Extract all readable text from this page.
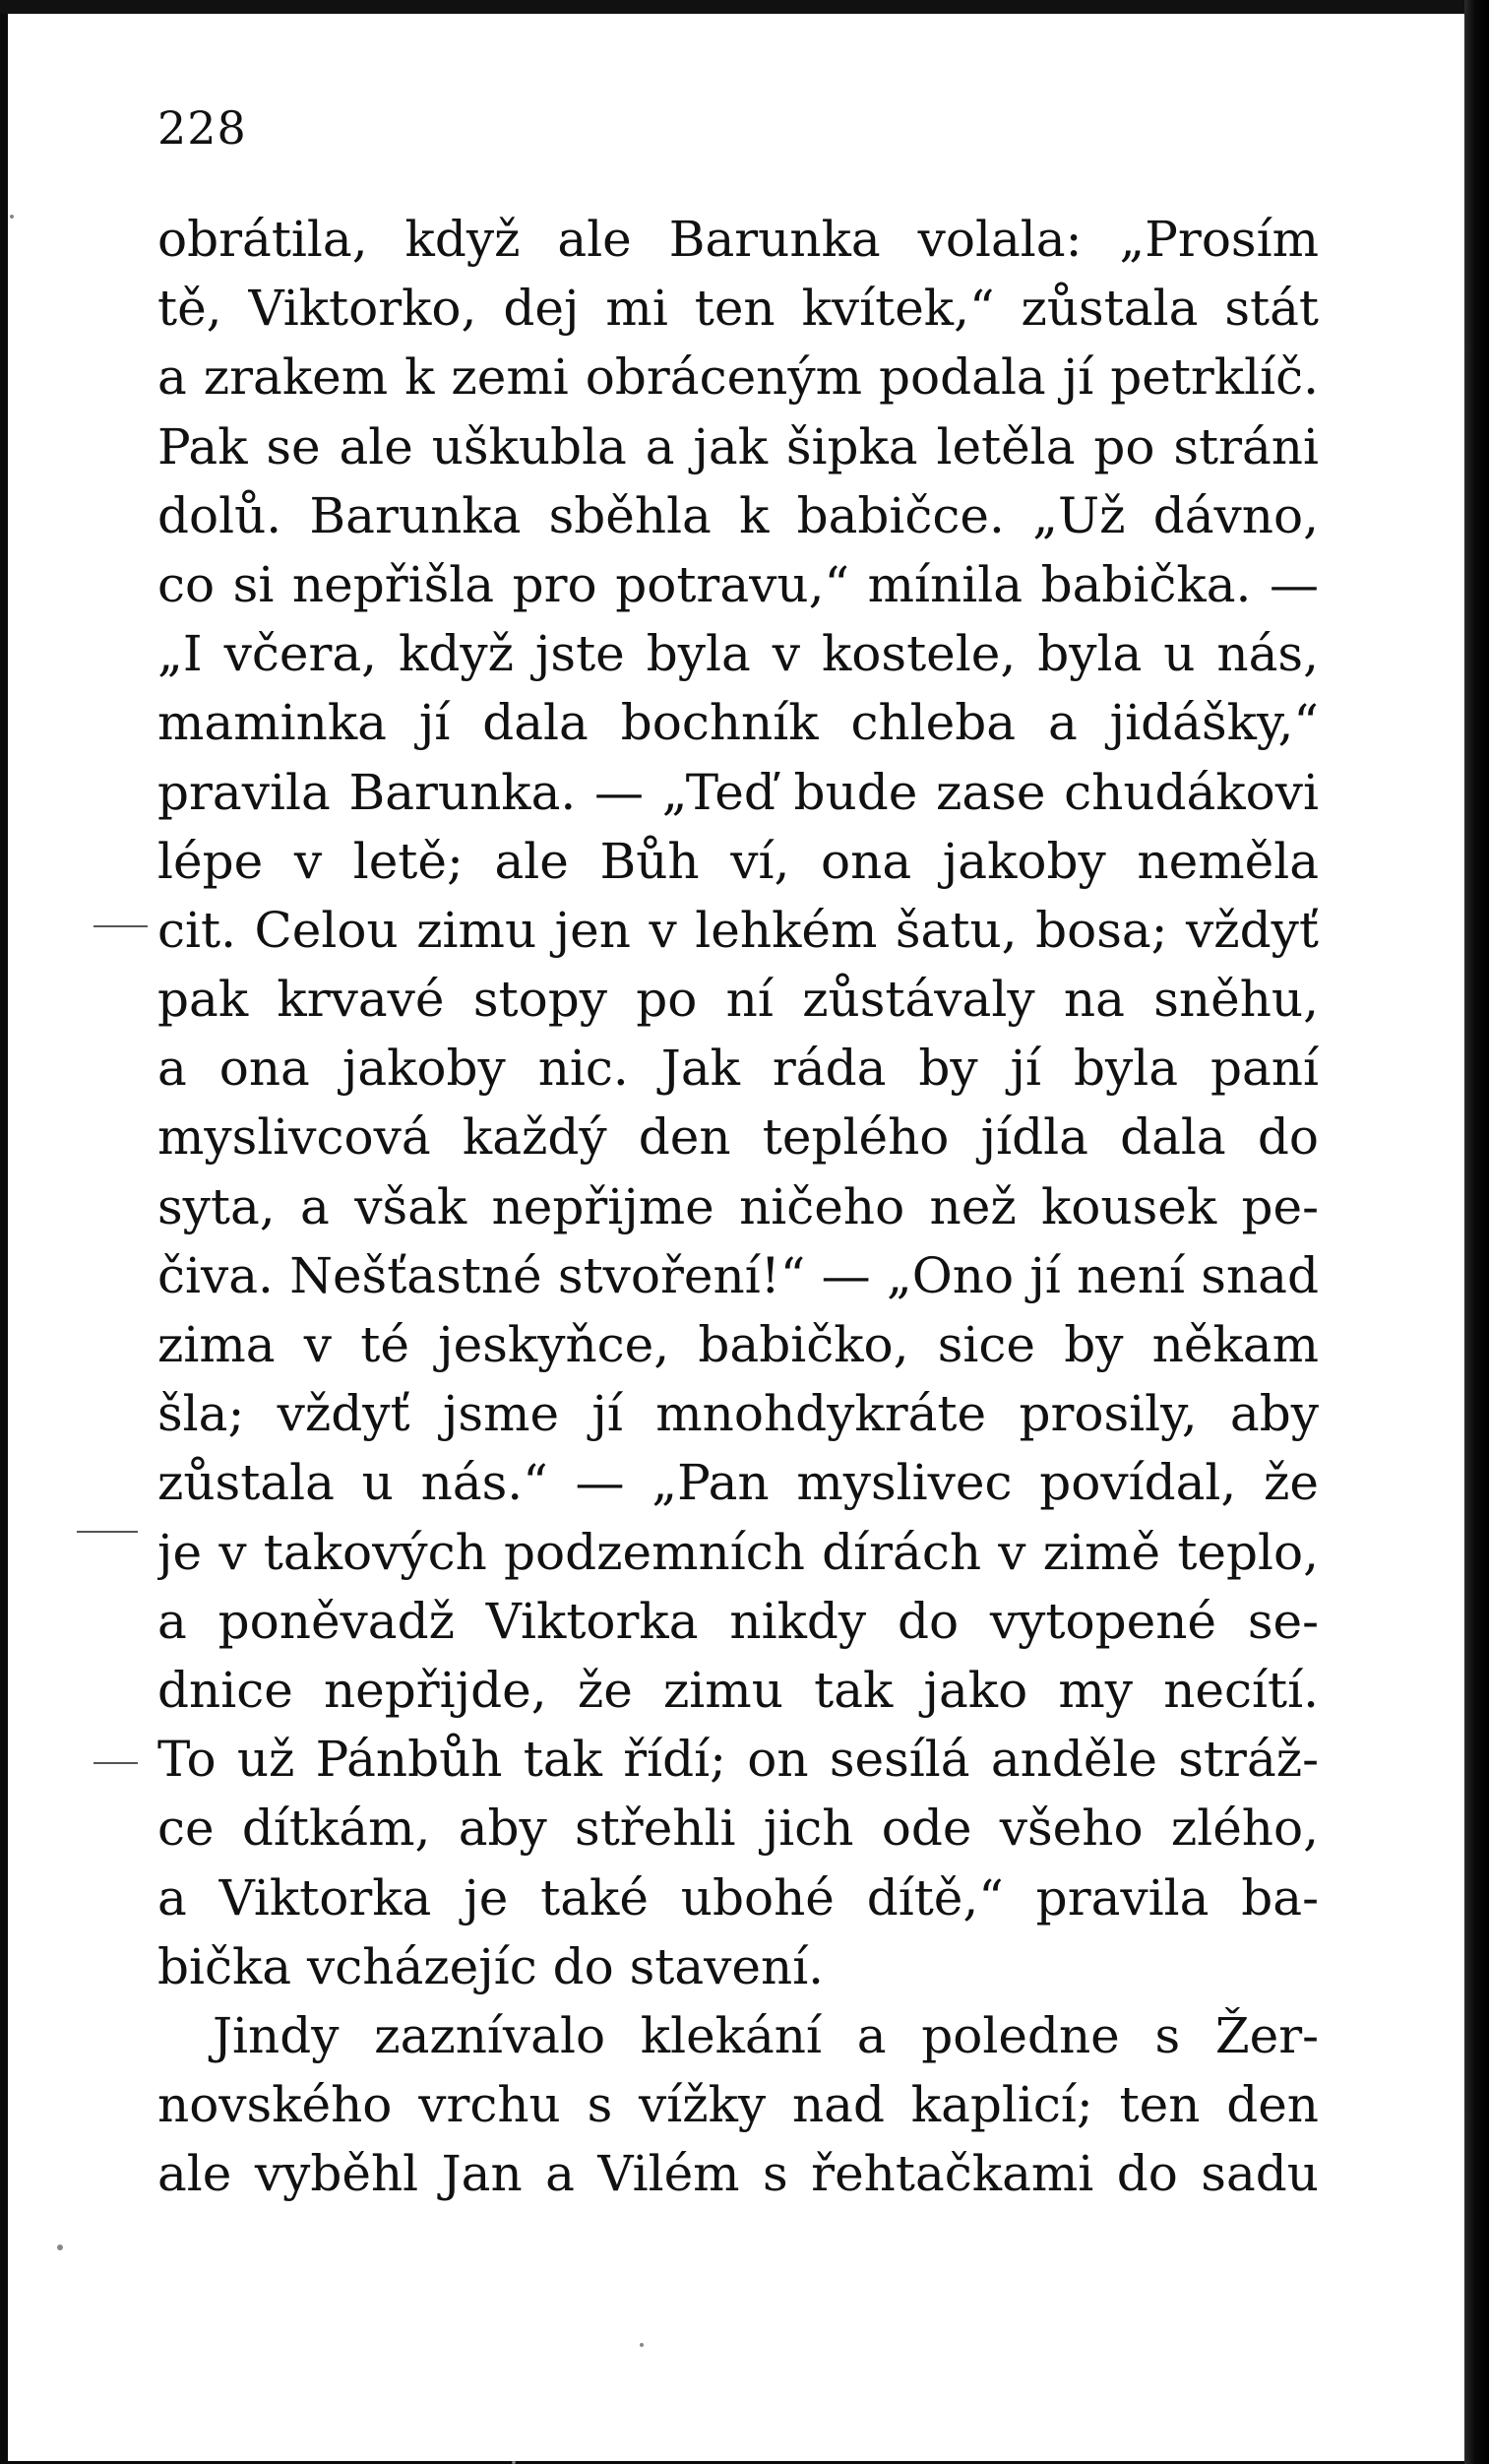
228
obrátila, když ale Barunka volala: „Prosím
tě, Viktorko, dej mi ten kvítek,“ zůstala stát
a zrakem k zemi obráceným podala jí petrklíč.
Pak se ale uškubla a jak šipka letěla po stráni
dolů. Barunka sběhla k babičce. „Už dávno,
co si nepřišla pro potravu,“ mínila babička. —
„I včera, když jste byla v kostele, byla u nás,
maminka jí dala bochník chleba a jidášky,“
pravila Barunka. — „Teď bude zase chudákovi
lépe v letě; ale Bůh ví, ona jakoby neměla
cit. Celou zimu jen v lehkém šatu, bosa; vždyť
pak krvavé stopy po ní zůstávaly na sněhu,
a ona jakoby nic. Jak ráda by jí byla paní
myslivcová každý den teplého jídla dala do
syta, a však nepřijme ničeho než kousek pe-
čiva. Nešťastné stvoření!“ — „Ono jí není snad
zima v té jeskyňce, babičko, sice by někam
šla; vždyť jsme jí mnohdykráte prosily, aby
zůstala u nás.“ — „Pan myslivec povídal, že
je v takových podzemních dírách v zimě teplo,
a poněvadž Viktorka nikdy do vytopené se-
dnice nepřijde, že zimu tak jako my necítí.
To už Pánbůh tak řídí; on sesílá anděle stráž-
ce dítkám, aby střehli jich ode všeho zlého,
a Viktorka je také ubohé dítě,“ pravila ba-
bička vcházejíc do stavení.
Jindy zaznívalo klekání a poledne s Žer-
novského vrchu s vížky nad kaplicí; ten den
ale vyběhl Jan a Vilém s řehtačkami do sadu
